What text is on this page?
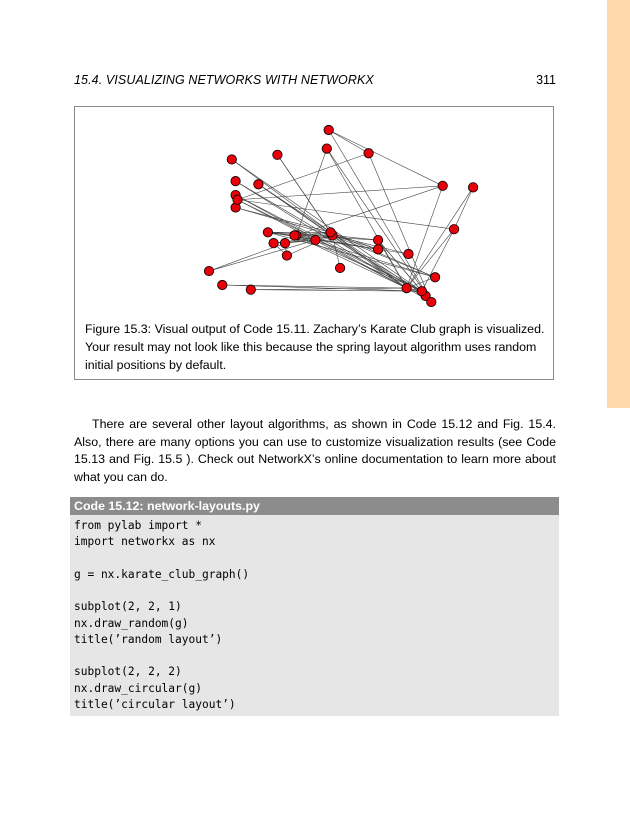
15.4. VISUALIZING NETWORKS WITH NETWORKX	311
Figure 15.3: Visual output of Code 15.11. Zachary’s Karate Club graph is visualized. Your result may not look like this because the spring layout algorithm uses random initial positions by default.
There are several other layout algorithms, as shown in Code 15.12 and Fig. 15.4. Also, there are many options you can use to customize visualization results (see Code 15.13 and Fig. 15.5 ). Check out NetworkX’s online documentation to learn more about what you can do.
Code 15.12: network-layouts.py
from pylab import *
import networkx as nx
g = nx.karate_club_graph()
subplot(2, 2, 1)
nx.draw_random(g)
title(’random layout’)
subplot(2, 2, 2)
nx.draw_circular(g)
title(’circular layout’)
